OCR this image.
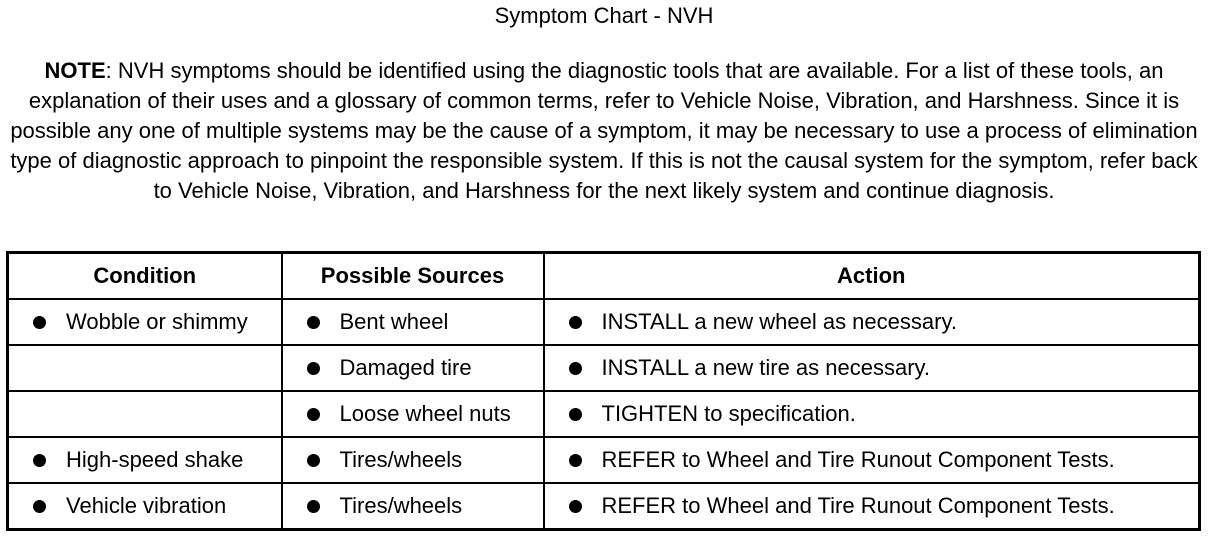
Symptom Chart - NVH
NOTE: NVH symptoms should be identified using the diagnostic tools that are available. For a list of these tools, an explanation of their uses and a glossary of common terms, refer to Vehicle Noise, Vibration, and Harshness. Since it is possible any one of multiple systems may be the cause of a symptom, it may be necessary to use a process of elimination type of diagnostic approach to pinpoint the responsible system. If this is not the causal system for the symptom, refer back to Vehicle Noise, Vibration, and Harshness for the next likely system and continue diagnosis.
Condition	Possible Sources	Action

Wobble or shimmy	Bent wheel	INSTALL a new wheel as necessary.

	Damaged tire	INSTALL a new tire as necessary.

	Loose wheel nuts	TIGHTEN to specification.

High-speed shake	Tires/wheels	REFER to Wheel and Tire Runout Component Tests.

Vehicle vibration	Tires/wheels	REFER to Wheel and Tire Runout Component Tests.
